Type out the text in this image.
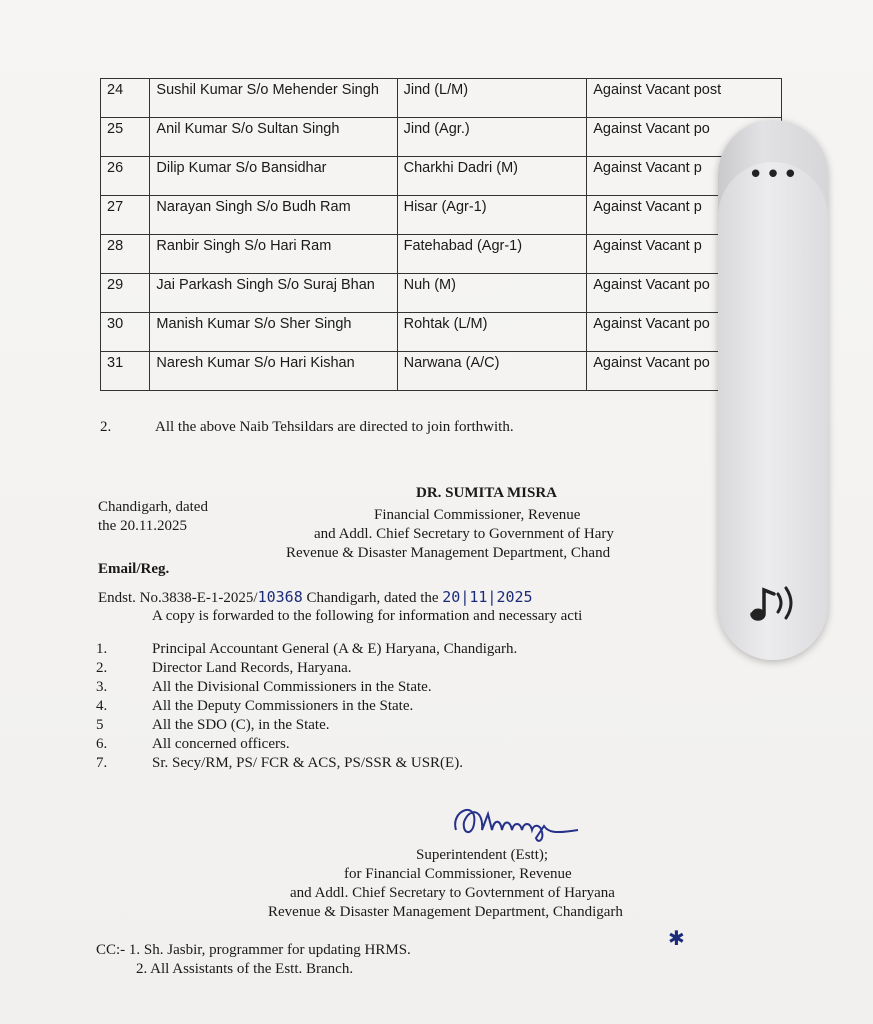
24	Sushil Kumar S/o Mehender Singh	Jind (L/M)	Against Vacant post
25	Anil Kumar S/o Sultan Singh	Jind (Agr.)	Against Vacant po
26	Dilip Kumar S/o Bansidhar	Charkhi Dadri (M)	Against Vacant p
27	Narayan Singh S/o Budh Ram	Hisar (Agr-1)	Against Vacant p
28	Ranbir Singh S/o Hari Ram	Fatehabad (Agr-1)	Against Vacant p
29	Jai Parkash Singh S/o Suraj Bhan	Nuh (M)	Against Vacant po
30	Manish Kumar S/o Sher Singh	Rohtak (L/M)	Against Vacant po
31	Naresh Kumar S/o Hari Kishan	Narwana (A/C)	Against Vacant po
2.	All the above Naib Tehsildars are directed to join forthwith.
Chandigarh, dated
the 20.11.2025
DR. SUMITA MISRA
Financial Commissioner, Revenue
and Addl. Chief Secretary to Government of Hary
Revenue & Disaster Management Department, Chand
Email/Reg.
Endst. No.3838-E-1-2025/10368 Chandigarh, dated the 20|11|2025
A copy is forwarded to the following for information and necessary acti
1.	Principal Accountant General (A & E) Haryana, Chandigarh.
2.	Director Land Records, Haryana.
3.	All the Divisional Commissioners in the State.
4.	All the Deputy Commissioners in the State.
5	All the SDO (C), in the State.
6.	All concerned officers.
7.	Sr. Secy/RM, PS/ FCR & ACS, PS/SSR & USR(E).
Superintendent (Estt);
for Financial Commissioner, Revenue
and Addl. Chief Secretary to Govternment of Haryana
Revenue & Disaster Management Department, Chandigarh
✱
CC:- 1. Sh. Jasbir, programmer for updating HRMS.
2. All Assistants of the Estt. Branch.
•••
